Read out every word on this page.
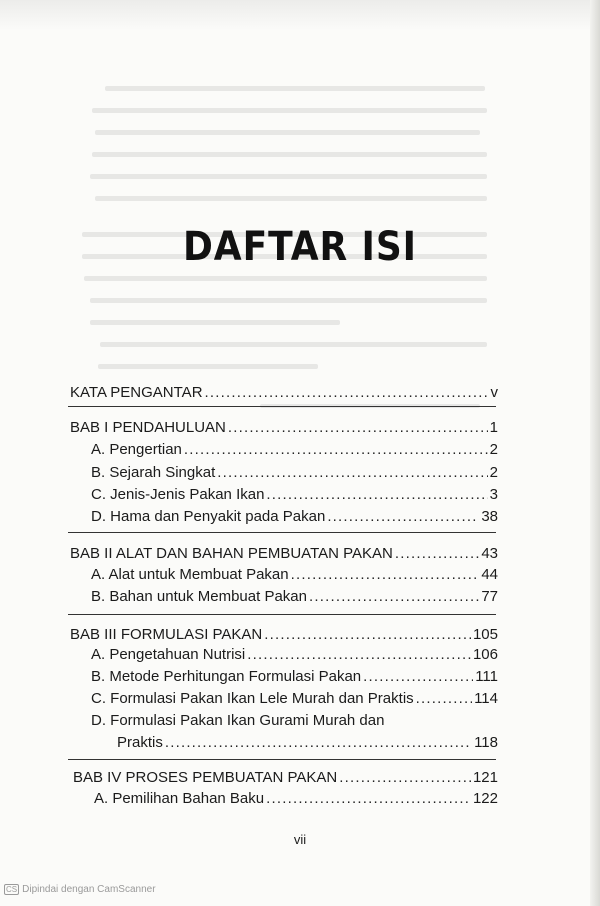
DAFTAR ISI
KATA PENGANTAR .....	v
BAB I PENDAHULUAN .....	1
A. Pengertian .....	2
B. Sejarah Singkat .....	2
C. Jenis-Jenis Pakan Ikan .....	3
D. Hama dan Penyakit pada Pakan .....	38
BAB II ALAT DAN BAHAN PEMBUATAN PAKAN .....	43
A. Alat untuk Membuat Pakan .....	44
B. Bahan untuk Membuat Pakan .....	77
BAB III FORMULASI PAKAN .....	105
A. Pengetahuan Nutrisi .....	106
B. Metode Perhitungan Formulasi Pakan .....	111
C. Formulasi Pakan Ikan Lele Murah dan Praktis .....	114
D. Formulasi Pakan Ikan Gurami Murah dan
Praktis .....	118
BAB IV PROSES PEMBUATAN PAKAN .....	121
A. Pemilihan Bahan Baku .....	122
vii
CS Dipindai dengan CamScanner
